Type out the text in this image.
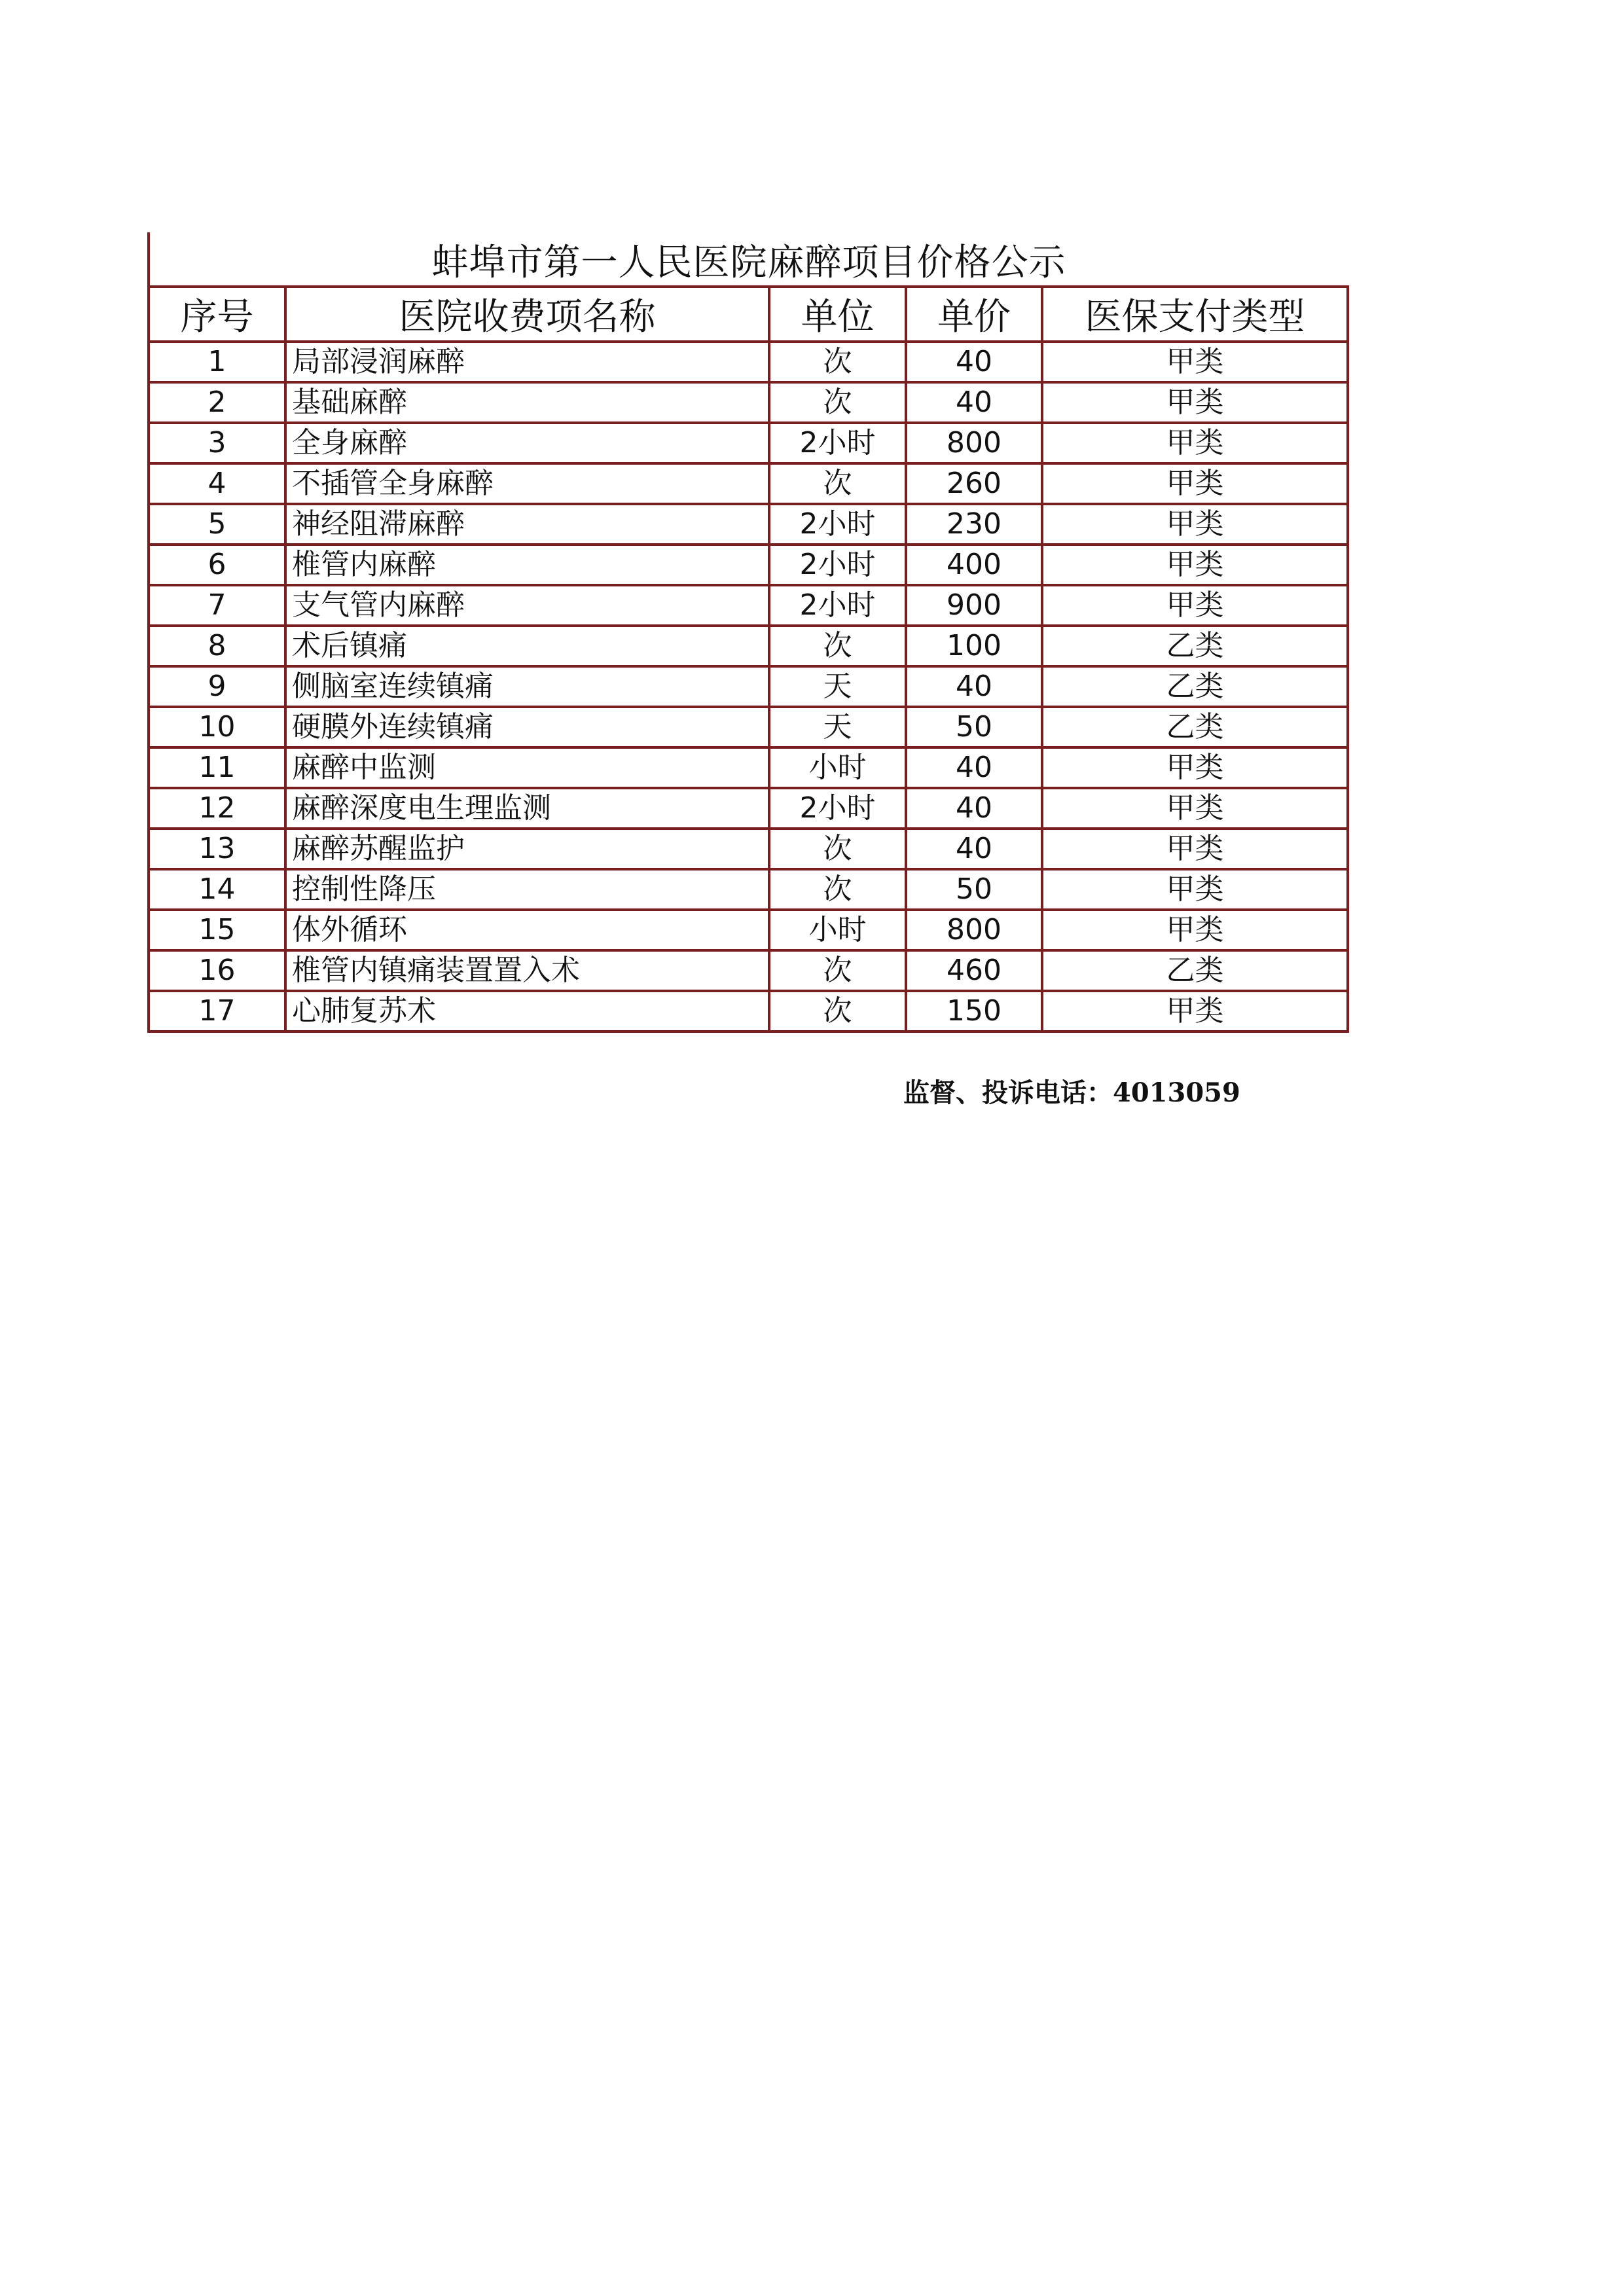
蚌埠市第一人民医院麻醉项目价格公示
序号	医院收费项名称	单位	单价	医保支付类型
1	局部浸润麻醉	次	40	甲类
2	基础麻醉	次	40	甲类
3	全身麻醉	2小时	800	甲类
4	不插管全身麻醉	次	260	甲类
5	神经阻滞麻醉	2小时	230	甲类
6	椎管内麻醉	2小时	400	甲类
7	支气管内麻醉	2小时	900	甲类
8	术后镇痛	次	100	乙类
9	侧脑室连续镇痛	天	40	乙类
10	硬膜外连续镇痛	天	50	乙类
11	麻醉中监测	小时	40	甲类
12	麻醉深度电生理监测	2小时	40	甲类
13	麻醉苏醒监护	次	40	甲类
14	控制性降压	次	50	甲类
15	体外循环	小时	800	甲类
16	椎管内镇痛装置置入术	次	460	乙类
17	心肺复苏术	次	150	甲类
监督、投诉电话：4013059
